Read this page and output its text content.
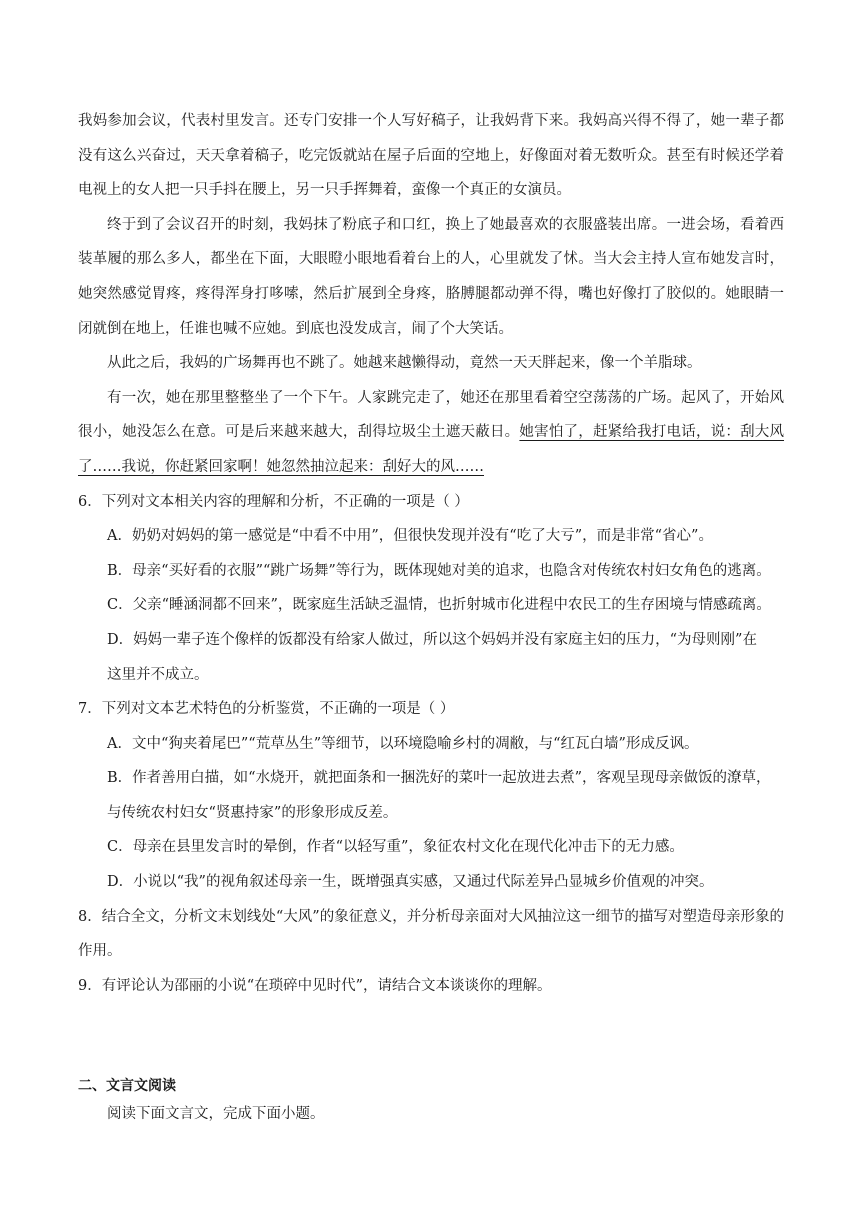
我妈参加会议，代表村里发言。还专门安排一个人写好稿子，让我妈背下来。我妈高兴得不得了，她一辈子都没有这么兴奋过，天天拿着稿子，吃完饭就站在屋子后面的空地上，好像面对着无数听众。甚至有时候还学着电视上的女人把一只手抖在腰上，另一只手挥舞着，蛮像一个真正的女演员。

终于到了会议召开的时刻，我妈抹了粉底子和口红，换上了她最喜欢的衣服盛装出席。一进会场，看着西装革履的那么多人，都坐在下面，大眼瞪小眼地看着台上的人，心里就发了怵。当大会主持人宣布她发言时，她突然感觉胃疼，疼得浑身打哆嗦，然后扩展到全身疼，胳膊腿都动弹不得，嘴也好像打了胶似的。她眼睛一闭就倒在地上，任谁也喊不应她。到底也没发成言，闹了个大笑话。

从此之后，我妈的广场舞再也不跳了。她越来越懒得动，竟然一天天胖起来，像一个羊脂球。

有一次，她在那里整整坐了一个下午。人家跳完走了，她还在那里看着空空荡荡的广场。起风了，开始风很小，她没怎么在意。可是后来越来越大，刮得垃圾尘土遮天蔽日。她害怕了，赶紧给我打电话，说：刮大风了……我说，你赶紧回家啊！她忽然抽泣起来：刮好大的风……

6．下列对文本相关内容的理解和分析，不正确的一项是（ ）

A．奶奶对妈妈的第一感觉是“中看不中用”，但很快发现并没有“吃了大亏”，而是非常“省心”。

B．母亲“买好看的衣服”“跳广场舞”等行为，既体现她对美的追求，也隐含对传统农村妇女角色的逃离。

C．父亲“睡涵洞都不回来”，既家庭生活缺乏温情，也折射城市化进程中农民工的生存困境与情感疏离。

D．妈妈一辈子连个像样的饭都没有给家人做过，所以这个妈妈并没有家庭主妇的压力，“为母则刚”在
这里并不成立。

7．下列对文本艺术特色的分析鉴赏，不正确的一项是（ ）

A．文中“狗夹着尾巴”“荒草丛生”等细节，以环境隐喻乡村的凋敝，与“红瓦白墙”形成反讽。

B．作者善用白描，如“水烧开，就把面条和一捆洗好的菜叶一起放进去煮”，客观呈现母亲做饭的潦草，
与传统农村妇女“贤惠持家”的形象形成反差。

C．母亲在县里发言时的晕倒，作者“以轻写重”，象征农村文化在现代化冲击下的无力感。

D．小说以“我”的视角叙述母亲一生，既增强真实感，又通过代际差异凸显城乡价值观的冲突。

8．结合全文，分析文末划线处“大风”的象征意义，并分析母亲面对大风抽泣这一细节的描写对塑造母亲形象的作用。

9．有评论认为邵丽的小说“在琐碎中见时代”，请结合文本谈谈你的理解。

二、文言文阅读

阅读下面文言文，完成下面小题。
